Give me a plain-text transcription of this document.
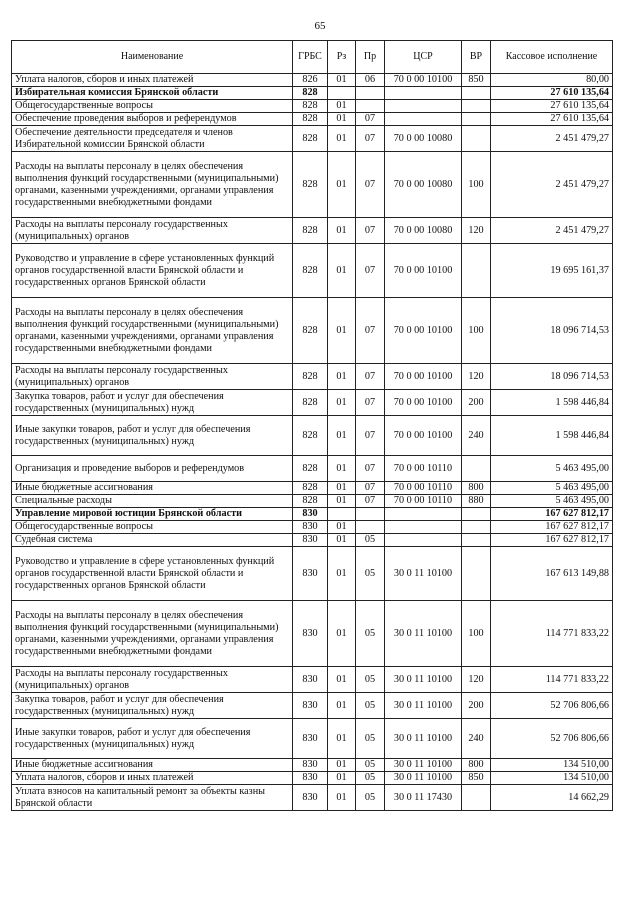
65
Наименование	ГРБС	Рз	Пр	ЦСР	ВР	Кассовое исполнение
Уплата налогов, сборов и иных платежей	826	01	06	70 0 00 10100	850	80,00
Избирательная комиссия Брянской области	828					27 610 135,64
Общегосударственные вопросы	828	01				27 610 135,64
Обеспечение проведения выборов и референдумов	828	01	07			27 610 135,64
Обеспечение деятельности председателя и членов Избирательной комиссии Брянской области	828	01	07	70 0 00 10080		2 451 479,27
Расходы на выплаты персоналу в целях обеспечения выполнения функций государственными (муниципальными) органами, казенными учреждениями, органами управления государственными внебюджетными фондами	828	01	07	70 0 00 10080	100	2 451 479,27
Расходы на выплаты персоналу государственных (муниципальных) органов	828	01	07	70 0 00 10080	120	2 451 479,27
Руководство и управление в сфере установленных функций органов государственной власти Брянской области и государственных органов Брянской области	828	01	07	70 0 00 10100		19 695 161,37
Расходы на выплаты персоналу в целях обеспечения выполнения функций государственными (муниципальными) органами, казенными учреждениями, органами управления государственными внебюджетными фондами	828	01	07	70 0 00 10100	100	18 096 714,53
Расходы на выплаты персоналу государственных (муниципальных) органов	828	01	07	70 0 00 10100	120	18 096 714,53
Закупка товаров, работ и услуг для обеспечения государственных (муниципальных) нужд	828	01	07	70 0 00 10100	200	1 598 446,84
Иные закупки товаров, работ и услуг для обеспечения государственных (муниципальных) нужд	828	01	07	70 0 00 10100	240	1 598 446,84
Организация и проведение выборов и референдумов	828	01	07	70 0 00 10110		5 463 495,00
Иные бюджетные ассигнования	828	01	07	70 0 00 10110	800	5 463 495,00
Специальные расходы	828	01	07	70 0 00 10110	880	5 463 495,00
Управление мировой юстиции Брянской области	830					167 627 812,17
Общегосударственные вопросы	830	01				167 627 812,17
Судебная система	830	01	05			167 627 812,17
Руководство и управление в сфере установленных функций органов государственной власти Брянской области и государственных органов Брянской области	830	01	05	30 0 11 10100		167 613 149,88
Расходы на выплаты персоналу в целях обеспечения выполнения функций государственными (муниципальными) органами, казенными учреждениями, органами управления государственными внебюджетными фондами	830	01	05	30 0 11 10100	100	114 771 833,22
Расходы на выплаты персоналу государственных (муниципальных) органов	830	01	05	30 0 11 10100	120	114 771 833,22
Закупка товаров, работ и услуг для обеспечения государственных (муниципальных) нужд	830	01	05	30 0 11 10100	200	52 706 806,66
Иные закупки товаров, работ и услуг для обеспечения государственных (муниципальных) нужд	830	01	05	30 0 11 10100	240	52 706 806,66
Иные бюджетные ассигнования	830	01	05	30 0 11 10100	800	134 510,00
Уплата налогов, сборов и иных платежей	830	01	05	30 0 11 10100	850	134 510,00
Уплата взносов на капитальный ремонт за объекты казны Брянской области	830	01	05	30 0 11 17430		14 662,29
